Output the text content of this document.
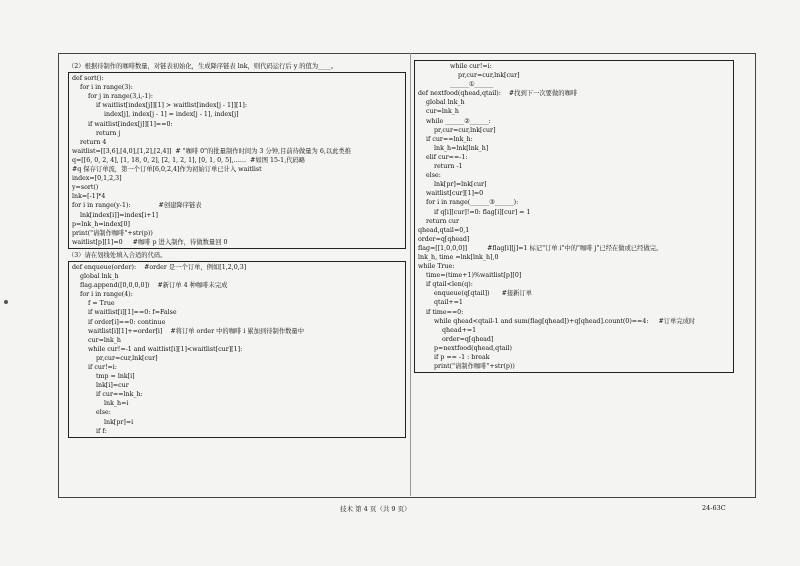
（2）根据待制作的咖啡数量，对链表初始化，生成降序链表 lnk，则代码运行后 y 的值为____。
def sort():
for i in range(3):
for j in range(3,i,-1):
if waitlist[index[j]][1] > waitlist[index[j - 1]][1]:
index[j], index[j - 1] = index[j - 1], index[j]
if waitlist[index[j]][1]==0:
return j
return 4
waitlist=[[3,6],[4,0],[1,2],[2,4]]  # "咖啡 0"的批量制作时间为 3 分钟,目前待做量为 6,以此类推
q=[[6, 0, 2, 4], [1, 18, 0, 2], [2, 1, 2, 1], [0, 1, 0, 5],……  #如图 15-1,代码略
#q 保存订单流，第一个订单[6,0,2,4]作为初始订单已计入 waitlist
index=[0,1,2,3]
y=sort()
lnk=[-1]*4
for i in range(y-1):              #创建降序链表
lnk[index[i]]=index[i+1]
p=lnk_h=index[0]
print("请制作咖啡"+str(p))
waitlist[p][1]=0     #咖啡 p 进入制作，待做数量回 0
（3）请在划线处填入合适的代码。
def enqueue(order):    #order 是一个订单，例如[1,2,0,3]
global lnk_h
flag.append([0,0,0,0])    #新订单 4 种咖啡未完成
for i in range(4):
f = True
if waitlist[i][1]==0: f=False
if order[i]==0: continue
waitlist[i][1]+=order[i]    #将订单 order 中的咖啡 i 累加到待制作数量中
cur=lnk_h
while cur!=-1 and waitlist[i][1]<waitlist[cur][1]:
pr,cur=cur,lnk[cur]
if cur!=i:
tmp = lnk[i]
lnk[i]=cur
if cur==lnk_h:
lnk_h=i
else:
lnk[pr]=i
if f:
while cur!=i:
pr,cur=cur,lnk[cur]
______①______
def nextfood(qhead,qtail):    #找到下一次要做的咖啡
global lnk_h
cur=lnk_h
while ______②______:
pr,cur=cur,lnk[cur]
if cur==lnk_h:
lnk_h=lnk[lnk_h]
elif cur==-1:
return -1
else:
lnk[pr]=lnk[cur]
waitlist[cur][1]=0
for i in range(______③______):
if q[i][cur]!=0: flag[i][cur] = 1
return cur
qhead,qtail=0,1
order=q[qhead]
flag=[[1,0,0,0]]          #flag[i][j]=1 标记"订单 i"中的"咖啡 j"已经在做或已经做完。
lnk_h, time =lnk[lnk_h],0
while True:
time=(time+1)%waitlist[p][0]
if qtail<len(q):
enqueue(q[qtail])      #接新订单
qtail+=1
if time==0:
while qhead<qtail-1 and sum(flag[qhead])+q[qhead].count(0)==4:     #订单完成时
qhead+=1
order=q[qhead]
p=nextfood(qhead,qtail)
if p == -1 : break
print("请制作咖啡"+str(p))
技术 第 4 页（共 9 页）	24-63C
